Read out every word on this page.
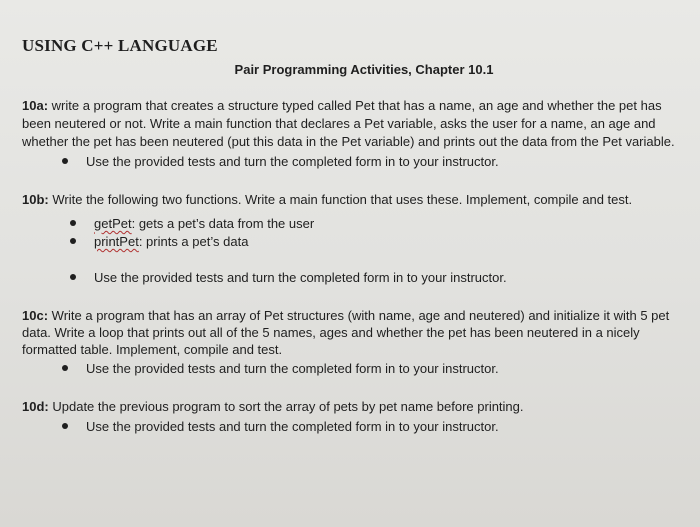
USING C++ LANGUAGE
Pair Programming Activities, Chapter 10.1

10a: write a program that creates a structure typed called Pet that has a name, an age and whether the pet has been neutered or not. Write a main function that declares a Pet variable, asks the user for a name, an age and whether the pet has been neutered (put this data in the Pet variable) and prints out the data from the Pet variable.

Use the provided tests and turn the completed form in to your instructor.

10b: Write the following two functions. Write a main function that uses these. Implement, compile and test.

getPet: gets a pet’s data from the user
printPet: prints a pet’s data
Use the provided tests and turn the completed form in to your instructor.

10c: Write a program that has an array of Pet structures (with name, age and neutered) and initialize it with 5 pet data. Write a loop that prints out all of the 5 names, ages and whether the pet has been neutered in a nicely formatted table. Implement, compile and test.

Use the provided tests and turn the completed form in to your instructor.

10d: Update the previous program to sort the array of pets by pet name before printing.

Use the provided tests and turn the completed form in to your instructor.
